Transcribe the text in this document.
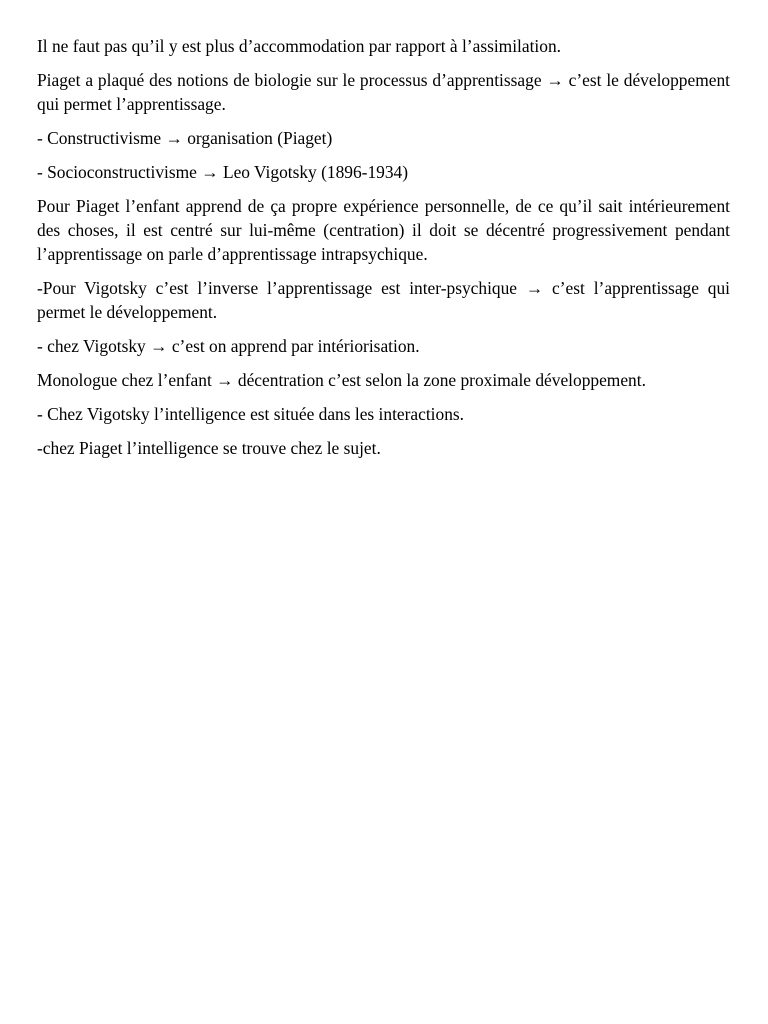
Il ne faut pas qu’il y est plus d’accommodation par rapport à l’assimilation.

Piaget a plaqué des notions de biologie sur le processus d’apprentissage → c’est le développement qui permet l’apprentissage.

- Constructivisme → organisation (Piaget)

- Socioconstructivisme → Leo Vigotsky (1896-1934)

Pour Piaget l’enfant apprend de ça propre expérience personnelle, de ce qu’il sait intérieurement des choses, il est centré sur lui-même (centration) il doit se décentré progressivement pendant l’apprentissage on parle d’apprentissage intrapsychique.

-Pour Vigotsky c’est l’inverse l’apprentissage est inter-psychique → c’est l’apprentissage qui permet le développement.

- chez Vigotsky → c’est on apprend par intériorisation.

Monologue chez l’enfant → décentration c’est selon la zone proximale développement.

- Chez Vigotsky l’intelligence est située dans les interactions.

-chez Piaget l’intelligence se trouve chez le sujet.
